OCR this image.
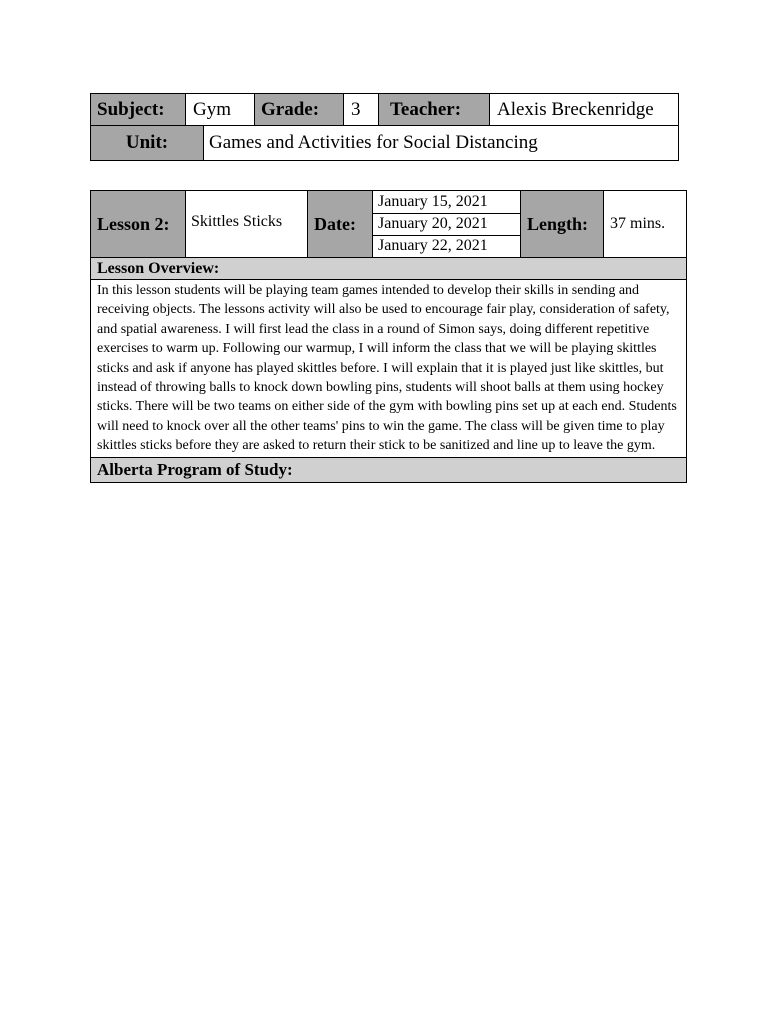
Subject:	Gym		Grade:	3	Teacher:	Alexis Breckenridge
Unit:		Games and Activities for Social Distancing				
Lesson 2:	Skittles Sticks	Date:	
January 15, 2021
January 20, 2021
January 22, 2021
	Length:	37 mins.
Lesson Overview:
In this lesson students will be playing team games intended to develop their skills in sending and receiving objects. The lessons activity will also be used to encourage fair play, consideration of safety, and spatial awareness. I will first lead the class in a round of Simon says, doing different repetitive exercises to warm up. Following our warmup, I will inform the class that we will be playing skittles sticks and ask if anyone has played skittles before. I will explain that it is played just like skittles, but instead of throwing balls to knock down bowling pins, students will shoot balls at them using hockey sticks. There will be two teams on either side of the gym with bowling pins set up at each end. Students will need to knock over all the other teams' pins to win the game. The class will be given time to play skittles sticks before they are asked to return their stick to be sanitized and line up to leave the gym.
Alberta Program of Study:
